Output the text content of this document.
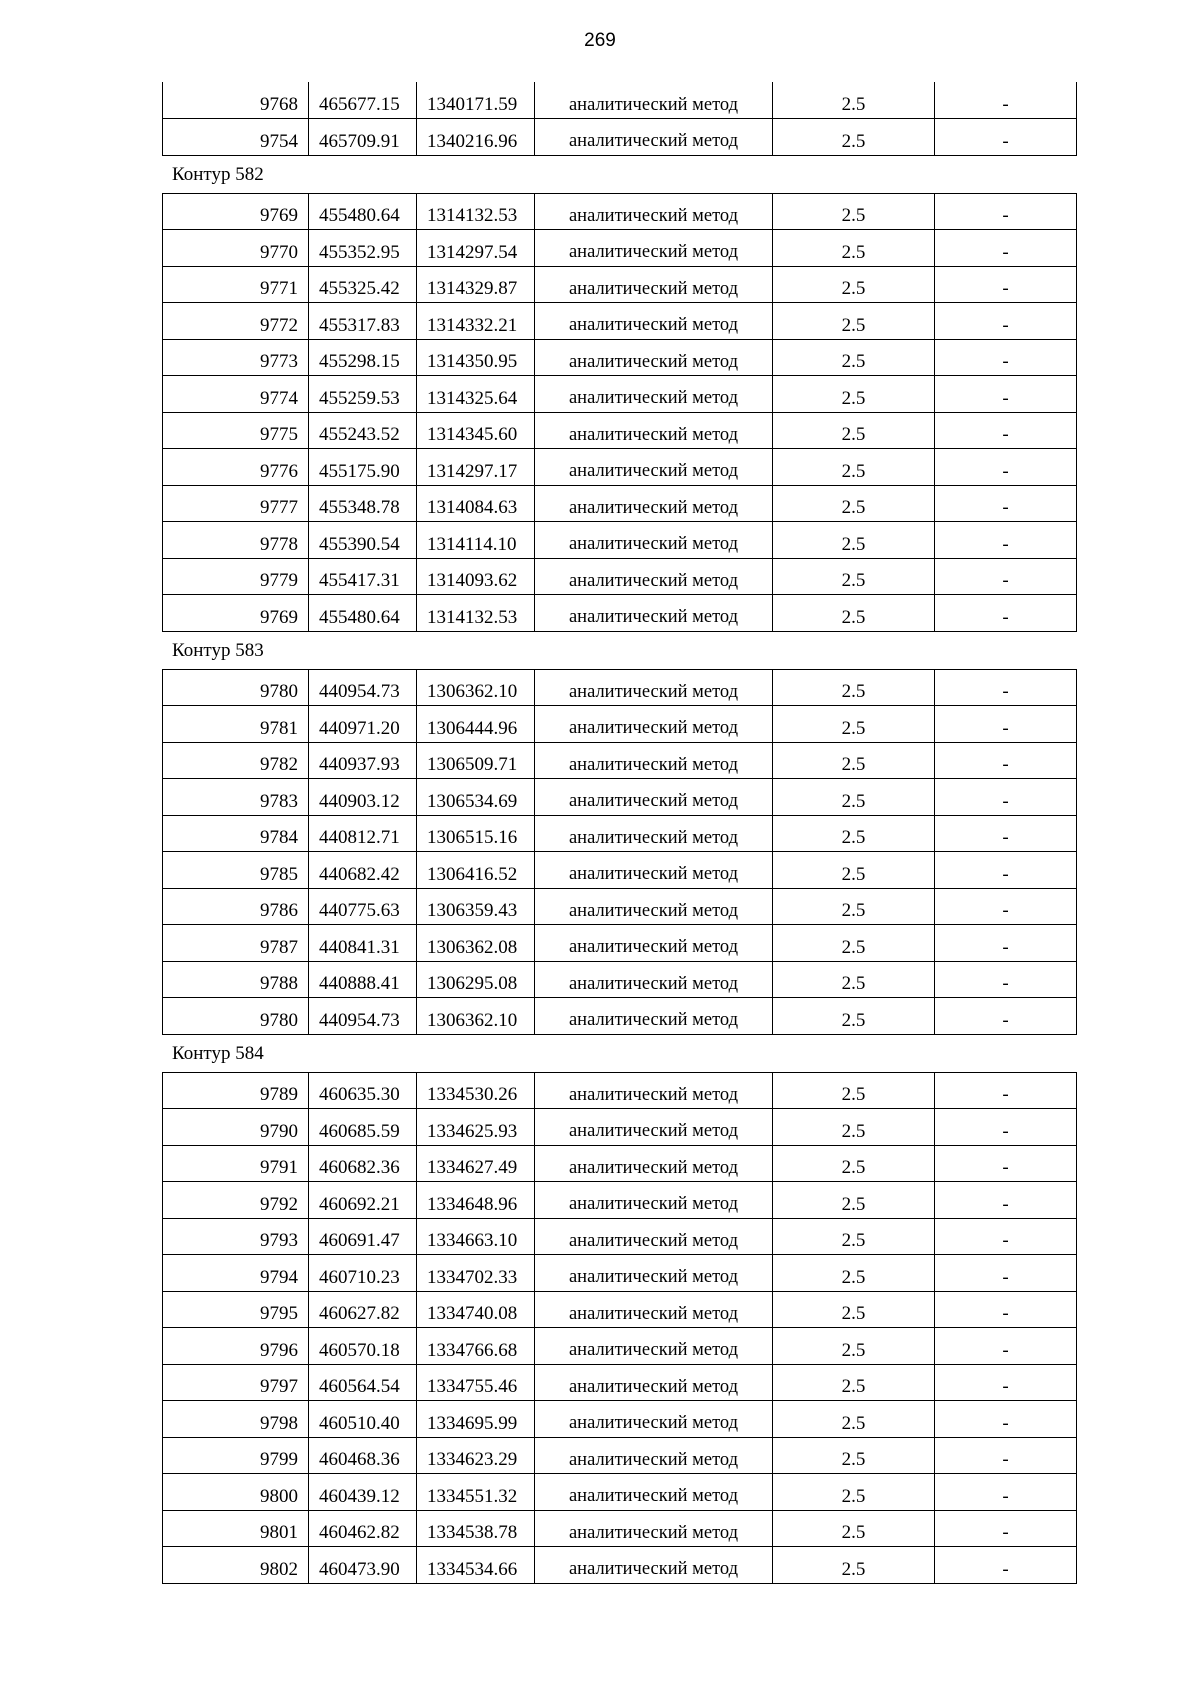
269
9768	465677.15	1340171.59	аналитический метод	2.5	-
9754	465709.91	1340216.96	аналитический метод	2.5	-
Контур 582
9769	455480.64	1314132.53	аналитический метод	2.5	-
9770	455352.95	1314297.54	аналитический метод	2.5	-
9771	455325.42	1314329.87	аналитический метод	2.5	-
9772	455317.83	1314332.21	аналитический метод	2.5	-
9773	455298.15	1314350.95	аналитический метод	2.5	-
9774	455259.53	1314325.64	аналитический метод	2.5	-
9775	455243.52	1314345.60	аналитический метод	2.5	-
9776	455175.90	1314297.17	аналитический метод	2.5	-
9777	455348.78	1314084.63	аналитический метод	2.5	-
9778	455390.54	1314114.10	аналитический метод	2.5	-
9779	455417.31	1314093.62	аналитический метод	2.5	-
9769	455480.64	1314132.53	аналитический метод	2.5	-
Контур 583
9780	440954.73	1306362.10	аналитический метод	2.5	-
9781	440971.20	1306444.96	аналитический метод	2.5	-
9782	440937.93	1306509.71	аналитический метод	2.5	-
9783	440903.12	1306534.69	аналитический метод	2.5	-
9784	440812.71	1306515.16	аналитический метод	2.5	-
9785	440682.42	1306416.52	аналитический метод	2.5	-
9786	440775.63	1306359.43	аналитический метод	2.5	-
9787	440841.31	1306362.08	аналитический метод	2.5	-
9788	440888.41	1306295.08	аналитический метод	2.5	-
9780	440954.73	1306362.10	аналитический метод	2.5	-
Контур 584
9789	460635.30	1334530.26	аналитический метод	2.5	-
9790	460685.59	1334625.93	аналитический метод	2.5	-
9791	460682.36	1334627.49	аналитический метод	2.5	-
9792	460692.21	1334648.96	аналитический метод	2.5	-
9793	460691.47	1334663.10	аналитический метод	2.5	-
9794	460710.23	1334702.33	аналитический метод	2.5	-
9795	460627.82	1334740.08	аналитический метод	2.5	-
9796	460570.18	1334766.68	аналитический метод	2.5	-
9797	460564.54	1334755.46	аналитический метод	2.5	-
9798	460510.40	1334695.99	аналитический метод	2.5	-
9799	460468.36	1334623.29	аналитический метод	2.5	-
9800	460439.12	1334551.32	аналитический метод	2.5	-
9801	460462.82	1334538.78	аналитический метод	2.5	-
9802	460473.90	1334534.66	аналитический метод	2.5	-
